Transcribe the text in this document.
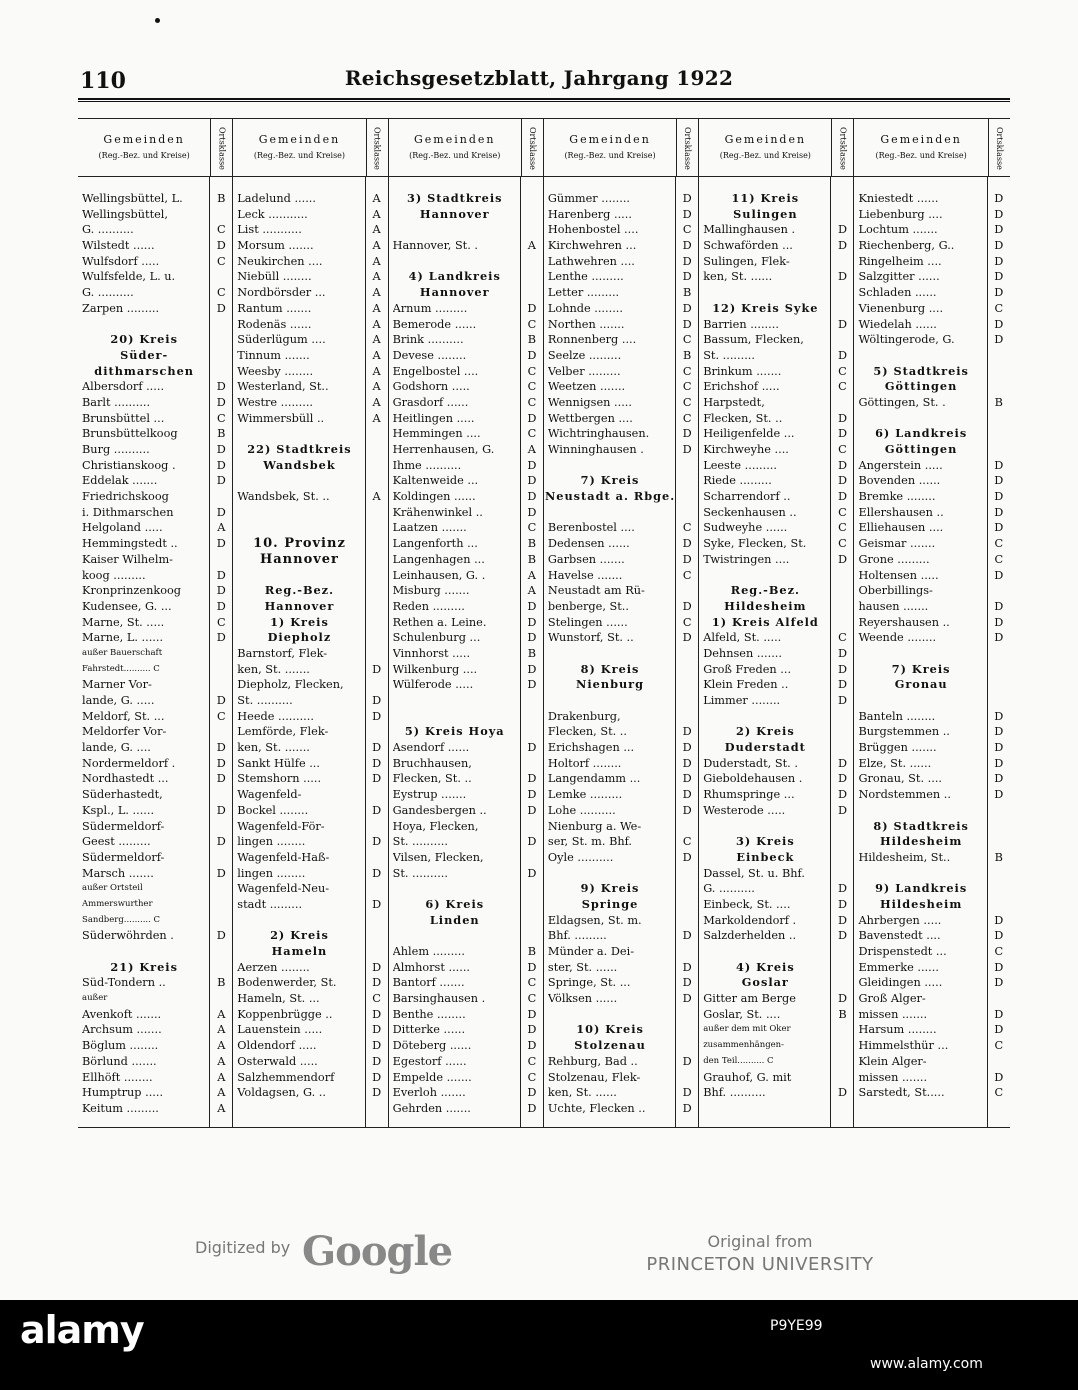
110	Reichsgesetzblatt, Jahrgang 1922
Gemeinden
(Reg.-Bez. und Kreise)	Ortsklasse
Wellingsbüttel, L.	B
Wellingsbüttel,
G. ..........	C
Wilstedt ......	D
Wulfsdorf .....	C
Wulfsfelde, L. u.
G. ..........	C
Zarpen .........	D
20) Kreis
Süder-
dithmarschen
Albersdorf .....	D
Barlt ..........	D
Brunsbüttel ...	C
Brunsbüttelkoog	B
Burg ..........	D
Christianskoog .	D
Eddelak .......	D
Friedrichskoog
i. Dithmarschen	D
Helgoland .....	A
Hemmingstedt ..	D
Kaiser Wilhelm-
koog .........	D
Kronprinzenkoog	D
Kudensee, G. ...	D
Marne, St. .....	C
Marne, L. ......	D
außer Bauerschaft
Fahrstedt.......... C
Marner Vor-
lande, G. .....	D
Meldorf, St. ...	C
Meldorfer Vor-
lande, G. ....	D
Nordermeldorf .	D
Nordhastedt ...	D
Süderhastedt,
Kspl., L. ......	D
Südermeldorf-
Geest .........	D
Südermeldorf-
Marsch .......	D
außer Ortsteil
Ammerswurther
Sandberg.......... C
Süderwöhrden .	D
21) Kreis
Süd-Tondern ..	B
außer
Avenkoft .......	A
Archsum .......	A
Böglum ........	A
Börlund .......	A
Ellhöft ........	A
Humptrup .....	A
Keitum .........	A
Gemeinden
(Reg.-Bez. und Kreise)	Ortsklasse
Ladelund ......	A
Leck ...........	A
List ...........	A
Morsum .......	A
Neukirchen ....	A
Niebüll ........	A
Nordbörsder ...	A
Rantum .......	A
Rodenäs ......	A
Süderlügum ....	A
Tinnum .......	A
Weesby ........	A
Westerland, St..	A
Westre .........	A
Wimmersbüll ..	A
22) Stadtkreis
Wandsbek
Wandsbek, St. ..	A
10. Provinz
Hannover
Reg.-Bez.
Hannover
1) Kreis
Diepholz
Barnstorf, Flek-
ken, St. .......	D
Diepholz, Flecken,
St. ..........	D
Heede ..........	D
Lemförde, Flek-
ken, St. .......	D
Sankt Hülfe ...	D
Stemshorn .....	D
Wagenfeld-
Bockel ........	D
Wagenfeld-För-
lingen ........	D
Wagenfeld-Haß-
lingen ........	D
Wagenfeld-Neu-
stadt .........	D
2) Kreis
Hameln
Aerzen ........	D
Bodenwerder, St.	D
Hameln, St. ...	C
Koppenbrügge ..	D
Lauenstein .....	D
Oldendorf .....	D
Osterwald .....	D
Salzhemmendorf	D
Voldagsen, G. ..	D
Gemeinden
(Reg.-Bez. und Kreise)	Ortsklasse
3) Stadtkreis
Hannover
Hannover, St. .	A
4) Landkreis
Hannover
Arnum .........	D
Bemerode ......	C
Brink ..........	B
Devese ........	D
Engelbostel ....	C
Godshorn .....	C
Grasdorf ......	C
Heitlingen .....	D
Hemmingen ....	C
Herrenhausen, G.	A
Ihme ..........	D
Kaltenweide ...	D
Koldingen ......	D
Krähenwinkel ..	D
Laatzen .......	C
Langenforth ...	B
Langenhagen ...	B
Leinhausen, G. .	A
Misburg .......	A
Reden .........	D
Rethen a. Leine.	D
Schulenburg ...	D
Vinnhorst .....	B
Wilkenburg ....	D
Wülferode .....	D
5) Kreis Hoya
Asendorf ......	D
Bruchhausen,
Flecken, St. ..	D
Eystrup .......	D
Gandesbergen ..	D
Hoya, Flecken,
St. ..........	D
Vilsen, Flecken,
St. ..........	D
6) Kreis
Linden
Ahlem .........	B
Almhorst ......	D
Bantorf .......	C
Barsinghausen .	C
Benthe ........	D
Ditterke ......	D
Döteberg ......	D
Egestorf ......	C
Empelde .......	C
Everloh .......	D
Gehrden .......	D
Gemeinden
(Reg.-Bez. und Kreise)	Ortsklasse
Gümmer ........	D
Harenberg .....	D
Hohenbostel ....	C
Kirchwehren ...	D
Lathwehren ....	D
Lenthe .........	D
Letter .........	B
Lohnde ........	D
Northen .......	D
Ronnenberg ....	C
Seelze .........	B
Velber .........	C
Weetzen .......	C
Wennigsen .....	C
Wettbergen ....	C
Wichtringhausen.	D
Winninghausen .	D
7) Kreis
Neustadt a. Rbge.
Berenbostel ....	C
Dedensen ......	D
Garbsen .......	D
Havelse .......	C
Neustadt am Rü-
benberge, St..	D
Stelingen ......	C
Wunstorf, St. ..	D
8) Kreis
Nienburg
Drakenburg,
Flecken, St. ..	D
Erichshagen ...	D
Holtorf ........	D
Langendamm ...	D
Lemke .........	D
Lohe ..........	D
Nienburg a. We-
ser, St. m. Bhf.	C
Oyle ..........	D
9) Kreis
Springe
Eldagsen, St. m.
Bhf. .........	D
Münder a. Dei-
ster, St. ......	D
Springe, St. ...	D
Völksen ......	D
10) Kreis
Stolzenau
Rehburg, Bad ..	D
Stolzenau, Flek-
ken, St. ......	D
Uchte, Flecken ..	D
Gemeinden
(Reg.-Bez. und Kreise)	Ortsklasse
11) Kreis
Sulingen
Mallinghausen .	D
Schwaförden ...	D
Sulingen, Flek-
ken, St. ......	D
12) Kreis Syke
Barrien ........	D
Bassum, Flecken,
St. .........	D
Brinkum .......	C
Erichshof .....	C
Harpstedt,
Flecken, St. ..	D
Heiligenfelde ...	D
Kirchweyhe ....	C
Leeste .........	D
Riede .........	D
Scharrendorf ..	D
Seckenhausen ..	C
Sudweyhe ......	C
Syke, Flecken, St.	C
Twistringen ....	D
Reg.-Bez.
Hildesheim
1) Kreis Alfeld
Alfeld, St. .....	C
Dehnsen .......	D
Groß Freden ...	D
Klein Freden ..	D
Limmer ........	D
2) Kreis
Duderstadt
Duderstadt, St. .	D
Gieboldehausen .	D
Rhumspringe ...	D
Westerode .....	D
3) Kreis
Einbeck
Dassel, St. u. Bhf.
G. ..........	D
Einbeck, St. ....	D
Markoldendorf .	D
Salzderhelden ..	D
4) Kreis
Goslar
Gitter am Berge	D
Goslar, St. ....	B
außer dem mit Oker
zusammenhängen-
den Teil.......... C
Grauhof, G. mit
Bhf. ..........	D
Gemeinden
(Reg.-Bez. und Kreise)	Ortsklasse
Kniestedt ......	D
Liebenburg ....	D
Lochtum .......	D
Riechenberg, G..	D
Ringelheim ....	D
Salzgitter ......	D
Schladen ......	D
Vienenburg ....	C
Wiedelah ......	D
Wöltingerode, G.	D
5) Stadtkreis
Göttingen
Göttingen, St. .	B
6) Landkreis
Göttingen
Angerstein .....	D
Bovenden ......	D
Bremke ........	D
Ellershausen ..	D
Elliehausen ....	D
Geismar .......	C
Grone .........	C
Holtensen .....	D
Oberbillings-
hausen .......	D
Reyershausen ..	D
Weende ........	D
7) Kreis
Gronau
Banteln ........	D
Burgstemmen ..	D
Brüggen .......	D
Elze, St. ......	D
Gronau, St. ....	D
Nordstemmen ..	D
8) Stadtkreis
Hildesheim
Hildesheim, St..	B
9) Landkreis
Hildesheim
Ahrbergen .....	D
Bavenstedt ....	D
Drispenstedt ...	C
Emmerke ......	D
Gleidingen .....	D
Groß Alger-
missen .......	D
Harsum ........	D
Himmelsthür ...	C
Klein Alger-
missen .......	D
Sarstedt, St.....	C
Digitized by Google	Original from
PRINCETON UNIVERSITY
alamy	P9YE99
www.alamy.com
